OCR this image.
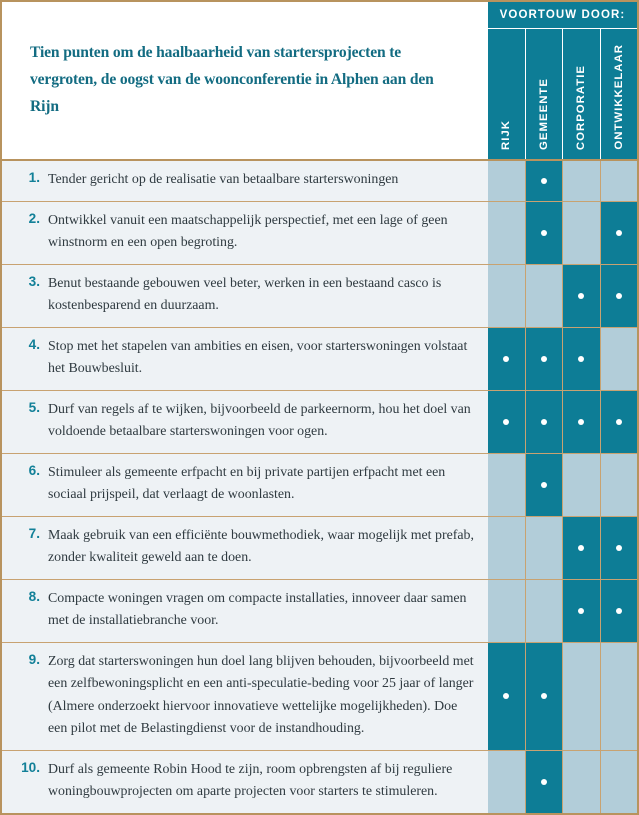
Tien punten om de haalbaarheid van startersprojecten te vergroten, de oogst van de woonconferentie in Alphen aan den Rijn
VOORTOUW DOOR:
RIJK GEMEENTE CORPORATIE ONTWIKKELAAR
1. Tender gericht op de realisatie van betaalbare starterswoningen
2. Ontwikkel vanuit een maatschappelijk perspectief, met een lage of geen winstnorm en een open begroting.
3. Benut bestaande gebouwen veel beter, werken in een bestaand casco is kostenbesparend en duurzaam.
4. Stop met het stapelen van ambities en eisen, voor starterswoningen volstaat het Bouwbesluit.
5. Durf van regels af te wijken, bijvoorbeeld de parkeernorm, hou het doel van voldoende betaalbare starterswoningen voor ogen.
6. Stimuleer als gemeente erfpacht en bij private partijen erfpacht met een sociaal prijspeil, dat verlaagt de woonlasten.
7. Maak gebruik van een efficiënte bouwmethodiek, waar mogelijk met prefab, zonder kwaliteit geweld aan te doen.
8. Compacte woningen vragen om compacte installaties, innoveer daar samen met de installatiebranche voor.
9. Zorg dat starterswoningen hun doel lang blijven behouden, bijvoorbeeld met een zelfbewoningsplicht en een anti-speculatie-beding voor 25 jaar of langer (Almere onderzoekt hiervoor innovatieve wettelijke mogelijkheden). Doe een pilot met de Belastingdienst voor de instandhouding.
10. Durf als gemeente Robin Hood te zijn, room opbrengsten af bij reguliere woningbouwprojecten om aparte projecten voor starters te stimuleren.
